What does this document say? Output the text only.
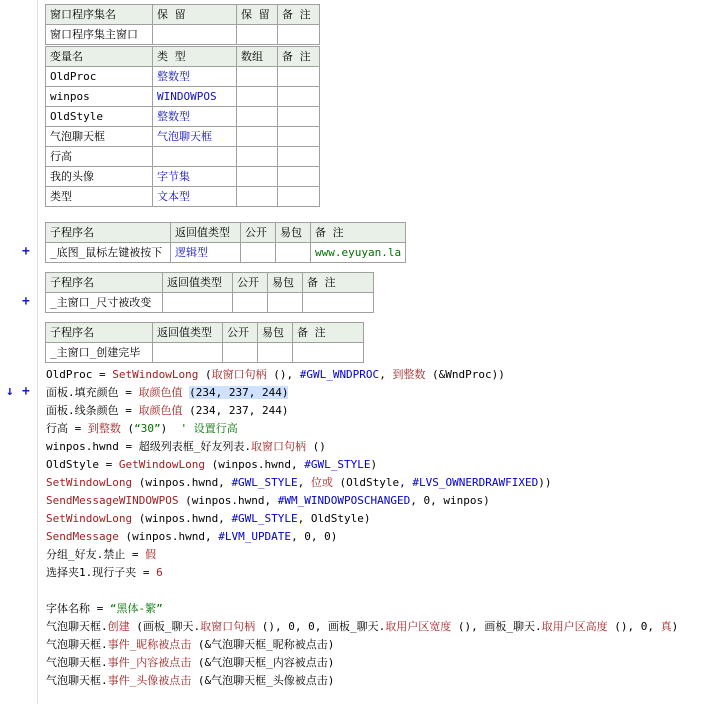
窗口程序集名	保 留	保 留	备 注
窗口程序集主窗口			
变量名	类 型	数组	备 注
OldProc	整数型		
winpos	WINDOWPOS		
OldStyle	整数型		
气泡聊天框	气泡聊天框		
行高			
我的头像	字节集		
类型	文本型		
+
子程序名	返回值类型	公开	易包	备 注
_底图_鼠标左键被按下	逻辑型			www.eyuyan.la
+
子程序名	返回值类型	公开	易包	备 注
_主窗口_尺寸被改变				
子程序名	返回值类型	公开	易包	备 注
_主窗口_创建完毕				
OldProc = SetWindowLong (取窗口句柄 (), #GWL_WNDPROC, 到整数 (&WndProc))
↓ + 面板.填充颜色 = 取颜色值 (234, 237, 244)
面板.线条颜色 = 取颜色值 (234, 237, 244)
行高 = 到整数 (“30”)  ' 设置行高
winpos.hwnd = 超级列表框_好友列表.取窗口句柄 ()
OldStyle = GetWindowLong (winpos.hwnd, #GWL_STYLE)
SetWindowLong (winpos.hwnd, #GWL_STYLE, 位或 (OldStyle, #LVS_OWNERDRAWFIXED))
SendMessageWINDOWPOS (winpos.hwnd, #WM_WINDOWPOSCHANGED, 0, winpos)
SetWindowLong (winpos.hwnd, #GWL_STYLE, OldStyle)
SendMessage (winpos.hwnd, #LVM_UPDATE, 0, 0)
分组_好友.禁止 = 假
选择夹1.现行子夹 = 6
字体名称 = “黑体-繁”
气泡聊天框.创建 (画板_聊天.取窗口句柄 (), 0, 0, 画板_聊天.取用户区宽度 (), 画板_聊天.取用户区高度 (), 0, 真)
气泡聊天框.事件_昵称被点击 (&气泡聊天框_昵称被点击)
气泡聊天框.事件_内容被点击 (&气泡聊天框_内容被点击)
气泡聊天框.事件_头像被点击 (&气泡聊天框_头像被点击)
